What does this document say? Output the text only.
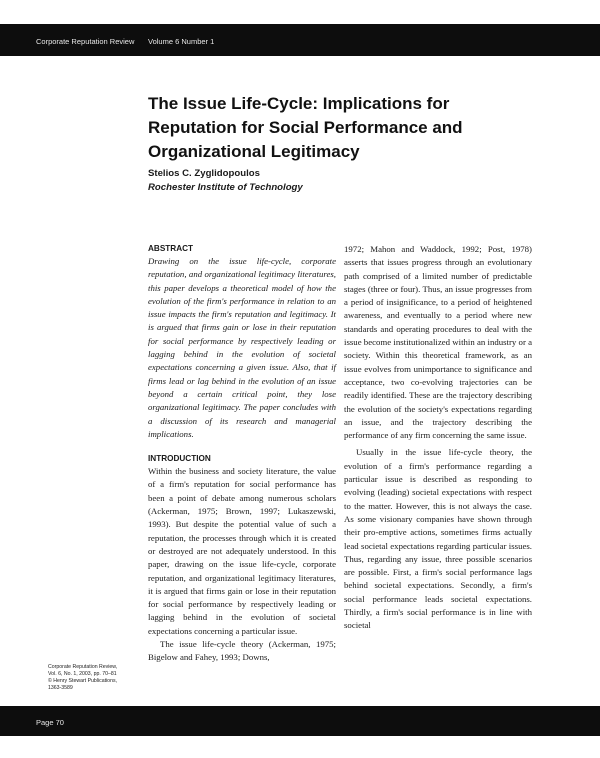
Corporate Reputation Review Volume 6 Number 1
The Issue Life-Cycle: Implications for Reputation for Social Performance and Organizational Legitimacy
Stelios C. Zyglidopoulos
Rochester Institute of Technology
ABSTRACT

Drawing on the issue life-cycle, corporate reputation, and organizational legitimacy literatures, this paper develops a theoretical model of how the evolution of the firm's performance in relation to an issue impacts the firm's reputation and legitimacy. It is argued that firms gain or lose in their reputation for social performance by respectively leading or lagging behind in the evolution of societal expectations concerning a given issue. Also, that if firms lead or lag behind in the evolution of an issue beyond a certain critical point, they lose organizational legitimacy. The paper concludes with a discussion of its research and managerial implications.

INTRODUCTION

Within the business and society literature, the value of a firm's reputation for social performance has been a point of debate among numerous scholars (Ackerman, 1975; Brown, 1997; Lukaszewski, 1993). But despite the potential value of such a reputation, the processes through which it is created or destroyed are not adequately understood. In this paper, drawing on the issue life-cycle, corporate reputation, and organizational legitimacy literatures, it is argued that firms gain or lose in their reputation for social performance by respectively leading or lagging behind in the evolution of societal expectations concerning a particular issue.

The issue life-cycle theory (Ackerman, 1975; Bigelow and Fahey, 1993; Downs,

1972; Mahon and Waddock, 1992; Post, 1978) asserts that issues progress through an evolutionary path comprised of a limited number of predictable stages (three or four). Thus, an issue progresses from a period of insignificance, to a period of heightened awareness, and eventually to a period where new standards and operating procedures to deal with the issue become institutionalized within an industry or a society. Within this theoretical framework, as an issue evolves from unimportance to significance and acceptance, two co-evolving trajectories can be readily identified. These are the trajectory describing the evolution of the society's expectations regarding an issue, and the trajectory describing the performance of any firm concerning the same issue.

Usually in the issue life-cycle theory, the evolution of a firm's performance regarding a particular issue is described as responding to evolving (leading) societal expectations with respect to the matter. However, this is not always the case. As some visionary companies have shown through their pro-emptive actions, sometimes firms actually lead societal expectations regarding particular issues. Thus, regarding any issue, three possible scenarios are possible. First, a firm's social performance lags behind societal expectations. Secondly, a firm's social performance leads societal expectations. Thirdly, a firm's social performance is in line with societal

Corporate Reputation Review,
Vol. 6, No. 1, 2003, pp. 70–81
© Henry Stewart Publications,
1363-3589
Page 70
